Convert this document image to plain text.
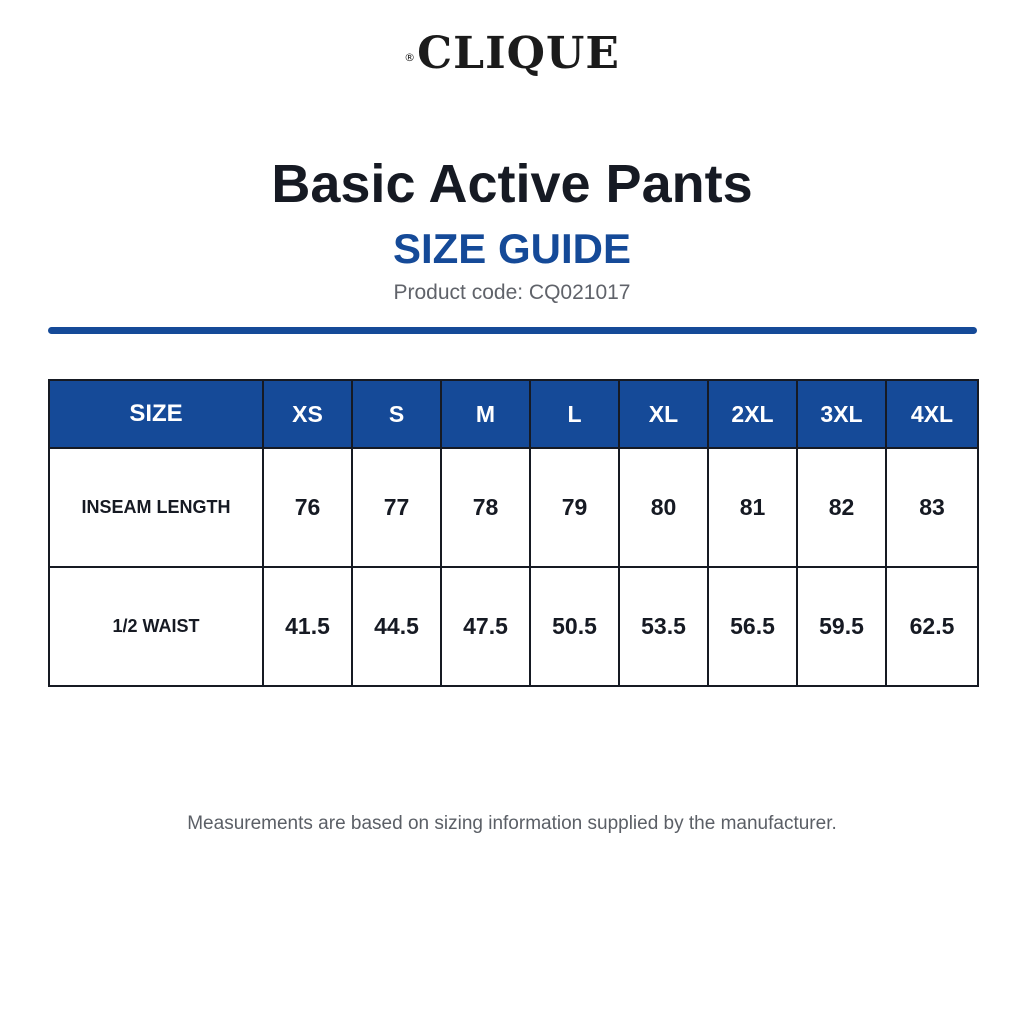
®CLIQUE
Basic Active Pants
SIZE GUIDE
Product code: CQ021017
SIZE	XS	S	M	L	XL	2XL	3XL	4XL
INSEAM LENGTH	76	77	78	79	80	81	82	83
1/2 WAIST	41.5	44.5	47.5	50.5	53.5	56.5	59.5	62.5
Measurements are based on sizing information supplied by the manufacturer.
